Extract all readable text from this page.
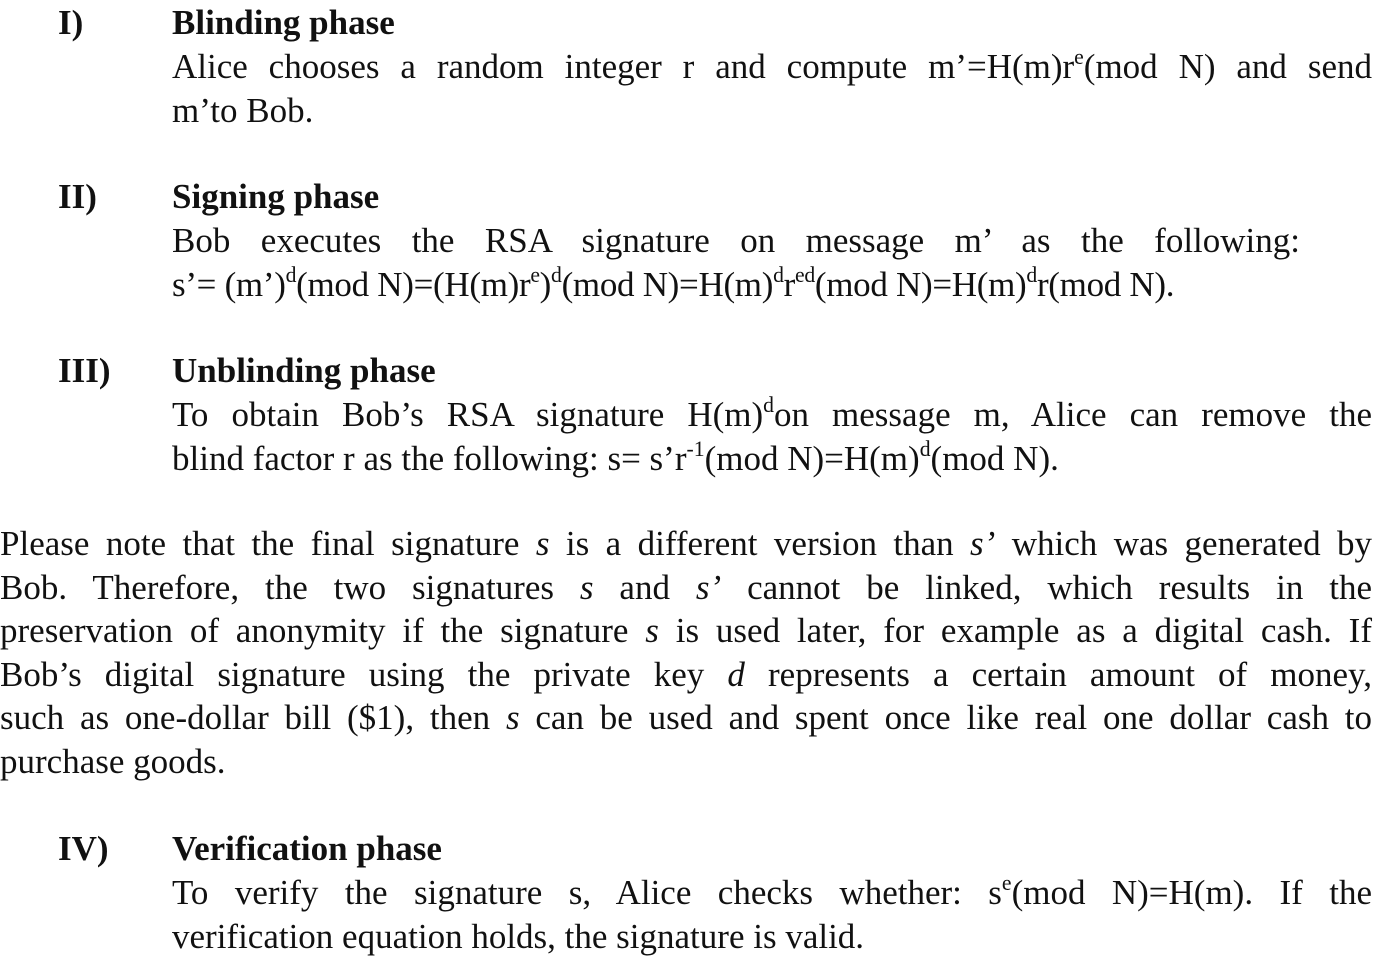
I)	Blinding phase
Alice chooses a random integer r and compute $m’=H(m)r^e(mod$ N) and send
m’to Bob.
II) Signing phase
Bob executes the RSA signature on message m’ as the following:
s’= (m’)$^d$(mod $N)=(H(m)r^e)^d(mod$ $N)=H(m)^dr^{ed}(mod$ $N)=H(m)^dr(mod$ N).
III) Unblinding phase
To obtain Bob’s RSA signature $H(m)^don$ message m, Alice can remove the
blind factor r as the following: $s= s’r^{-1}(mod$ $N)=H(m)^d(mod$ N).
Please note that the final signature s is a different version than s’ which was generated by
Bob. Therefore, the two signatures s and s’ cannot be linked, which results in the
preservation of anonymity if the signature s is used later, for example as a digital cash. If
Bob’s digital signature using the private key d represents a certain amount of money,
such as one-dollar bill ($1), then s can be used and spent once like real one dollar cash to
purchase goods.
IV) Verification phase
To verify the signature s, Alice checks whether: $s^e(mod$ N)=H(m). If the
verification equation holds, the signature is valid.
